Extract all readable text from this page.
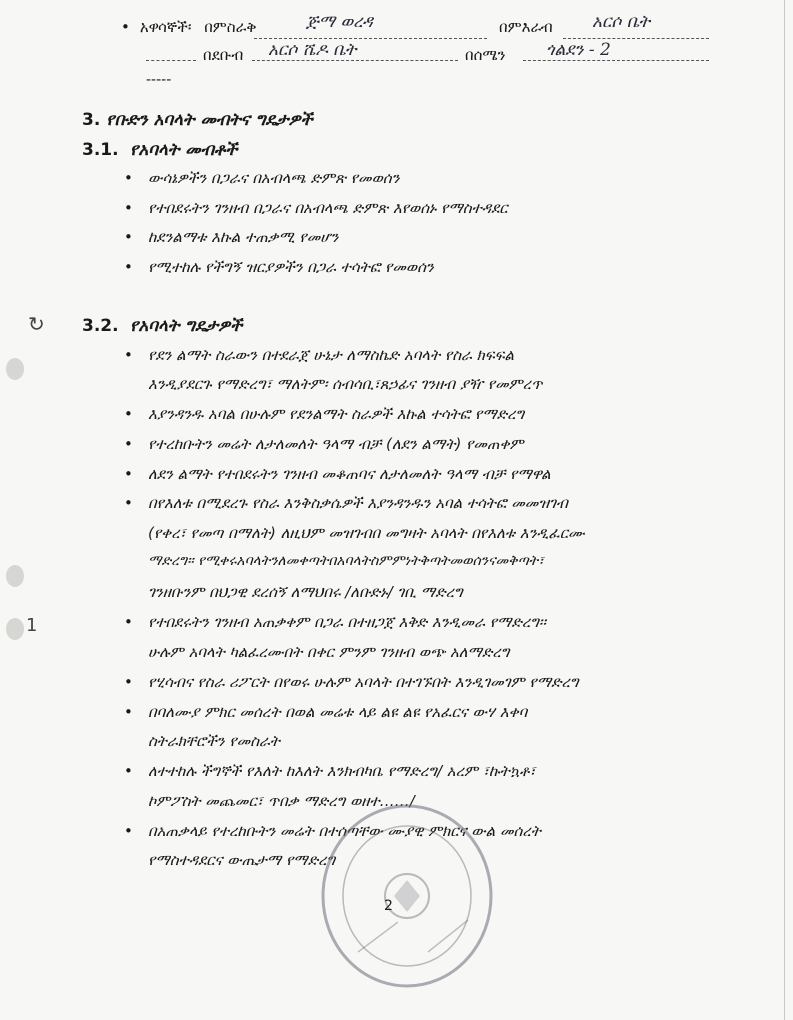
↻
1
• አዋሳኞች፡ በምስራቅ	ጅማ ወረዳ	በምእራብ አርሶ ቤት
በደቡብ አርሶ ሼዶ ቤት	በሰሜን ጎልደን - 2
-----
3. የቡድን አባላት መብትና ግዴታዎች
3.1. የአባላት መብቶች
• ውሳኔዎችን በጋራና በአብላጫ ድምጽ የመወሰን
• የተበደሩትን ገንዘብ በጋራና በአብላጫ ድምጽ እየወሰኑ የማስተዳደር
• ከደንልማቱ እኩል ተጠቃሚ የመሆን
• የሚተከሉ የችግኝ ዝርያዎችን በጋራ ተሳትፎ የመወሰን
3.2. የአባላት ግዴታዎች
• የደን ልማት ስራውን በተደራጀ ሁኔታ ለማስኬድ አባላት የስራ ክፍፍል
እንዲያደርጉ የማድረግ፣ ማለትም፡ ሰብሳቢ፣ጸኃፊና ገንዘብ ያዥ የመምረጥ
• እያንዳንዱ አባል በሁሉም የደንልማት ስራዎች እኩል ተሳትፎ የማድረግ
• የተረከቡትን መሬት ለታለመለት ዓላማ ብቻ (ለደን ልማት) የመጠቀም
• ለደን ልማት የተበደሩትን ገንዘብ መቆጠባና ለታለመለት ዓላማ ብቻ የማዋል
• በየእለቱ በሚደረጉ የስራ እንቅስቃሴዎች እያንዳንዱን አባል ተሳትፎ መመዝገብ
(የቀረ፣ የመጣ በማለት) ለዚህም መዝገብበ መግዛት አባላት በየእለቱ እንዲፈርሙ
ማድረግ፡፡ የሚቀሩአባላትንለመቀጣትበአባላትስምምነትቅጣትመወሰንናመቅጣት፣
ገንዘቡንም በህጋዊ ደረሰኝ ለማህበሩ /ለቡድኑ/ ገቢ ማድረግ
• የተበደሩትን ገንዘብ አጠቃቀም በጋራ በተዘጋጀ እቅድ እንዲመራ የማድረግ፡፡
ሁሉም አባላት ካልፈረሙበት በቀር ምንም ገንዘብ ወጭ አለማድረግ
• የሂሳብና የስራ ሪፖርት በየወሩ ሁሉም አባላት በተገኙበት እንዲገመገም የማድረግ
• በባለሙያ ምክር መሰረት በወል መሬቱ ላይ ልዩ ልዩ የአፈርና ውሃ እቀባ
ስትራክቸሮችን የመስራት
• ለተተከሉ ችግኞች የእለት ከእለት እንክብካቤ የማድረግ/ አረም ፣ኩትኳቶ፣
ኮምፖስት መጨመር፣ ጥበቃ ማድረግ ወዘተ……/
• በአጠቃላይ የተረከቡትን መሬት በተሰጣቸው ሙያዊ ምክርና ውል መሰረት
የማስተዳደርና ውጤታማ የማድረግ
2
